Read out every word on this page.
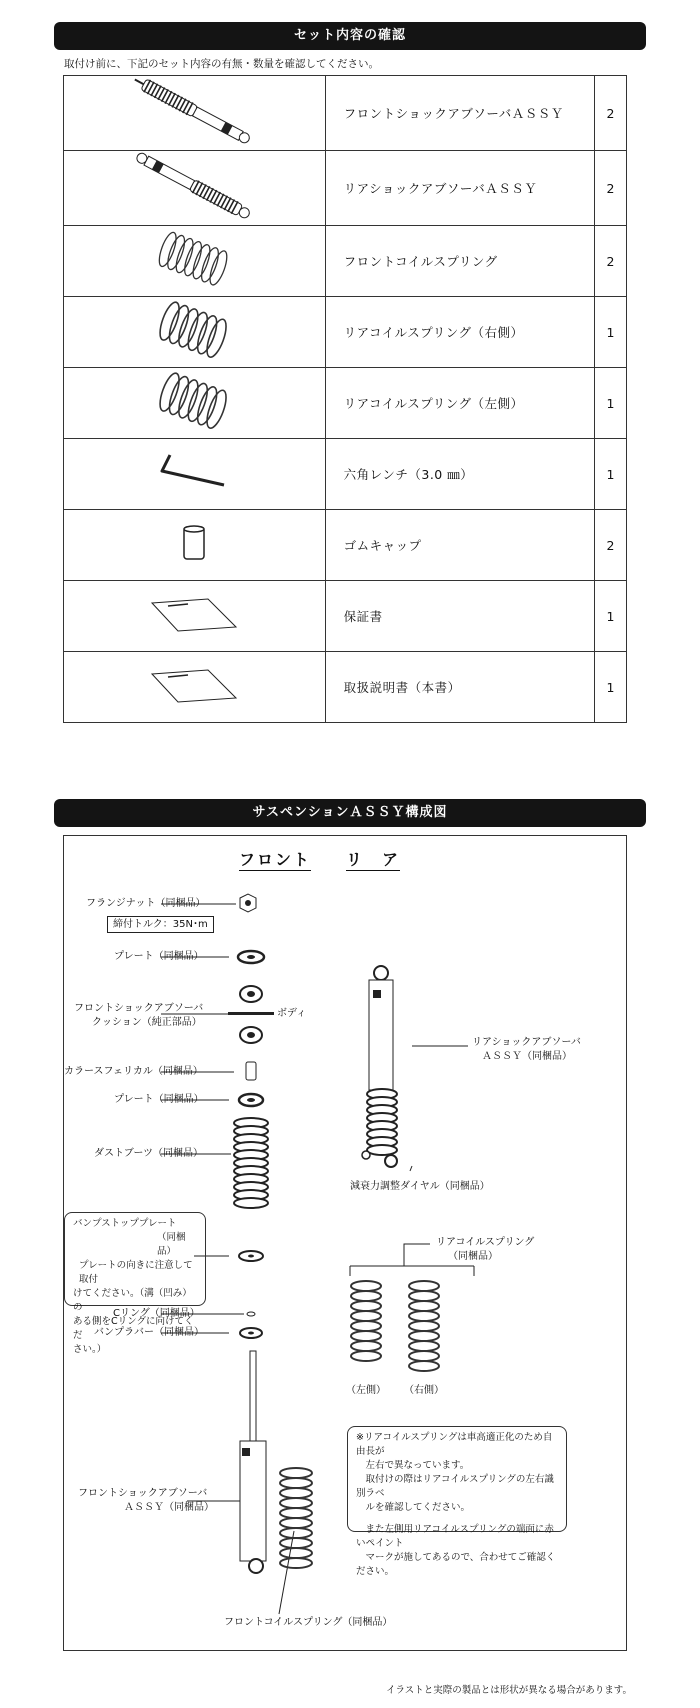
セット内容の確認
取付け前に、下記のセット内容の有無・数量を確認してください。
	フロントショックアブソーバＡＳＳＹ	2
	リアショックアブソーバＡＳＳＹ	2
	フロントコイルスプリング	2
	リアコイルスプリング（右側）	1
	リアコイルスプリング（左側）	1
	六角レンチ（3.0 ㎜）	1
	ゴムキャップ	2
	保証書	1
	取扱説明書（本書）	1
サスペンションＡＳＳＹ構成図
フロント リ　ア
フランジナット（同梱品）
締付トルク：35N･m
プレート（同梱品）
フロントショックアブソーバ
クッション（純正部品）
ボディ
カラースフェリカル（同梱品）
プレート（同梱品）
ダストブーツ（同梱品）
バンプストッププレート
（同梱品）
プレートの向きに注意して取付
けてください。（溝（凹み）の
ある側をCリングに向けてくだ
さい。）
Cリング（同梱品）
バンプラバー（同梱品）
フロントショックアブソーバ
ＡＳＳＹ（同梱品）
フロントコイルスプリング（同梱品）
リアショックアブソーバ
ＡＳＳＹ（同梱品）
減衰力調整ダイヤル（同梱品）
リアコイルスプリング
（同梱品）
（左側） （右側）
※リアコイルスプリングは車高適正化のため自由長が
　左右で異なっています。
　取付けの際はリアコイルスプリングの左右識別ラベ
　ルを確認してください。
　また左側用リアコイルスプリングの端面に赤いペイント
　マークが施してあるので、合わせてご確認ください。
イラストと実際の製品とは形状が異なる場合があります。
